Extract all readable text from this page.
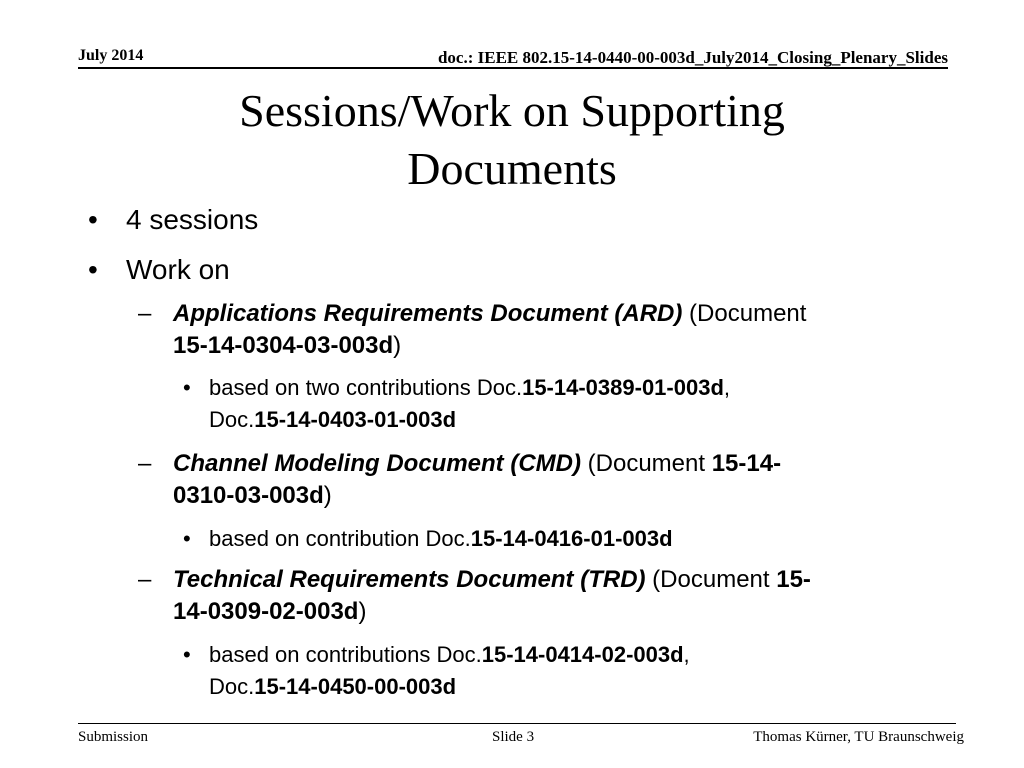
July 2014	doc.: IEEE 802.15-14-0440-00-003d_July2014_Closing_Plenary_Slides
Sessions/Work on Supporting
Documents
• 4 sessions
• Work on
– Applications Requirements Document (ARD) (Document
15-14-0304-03-003d)
• based on two contributions Doc.15-14-0389-01-003d,
Doc.15-14-0403-01-003d
– Channel Modeling Document (CMD) (Document 15-14-
0310-03-003d)
• based on contribution Doc.15-14-0416-01-003d
– Technical Requirements Document (TRD) (Document 15-
14-0309-02-003d)
• based on contributions Doc.15-14-0414-02-003d,
Doc.15-14-0450-00-003d
Submission	Slide 3	Thomas Kürner, TU Braunschweig
